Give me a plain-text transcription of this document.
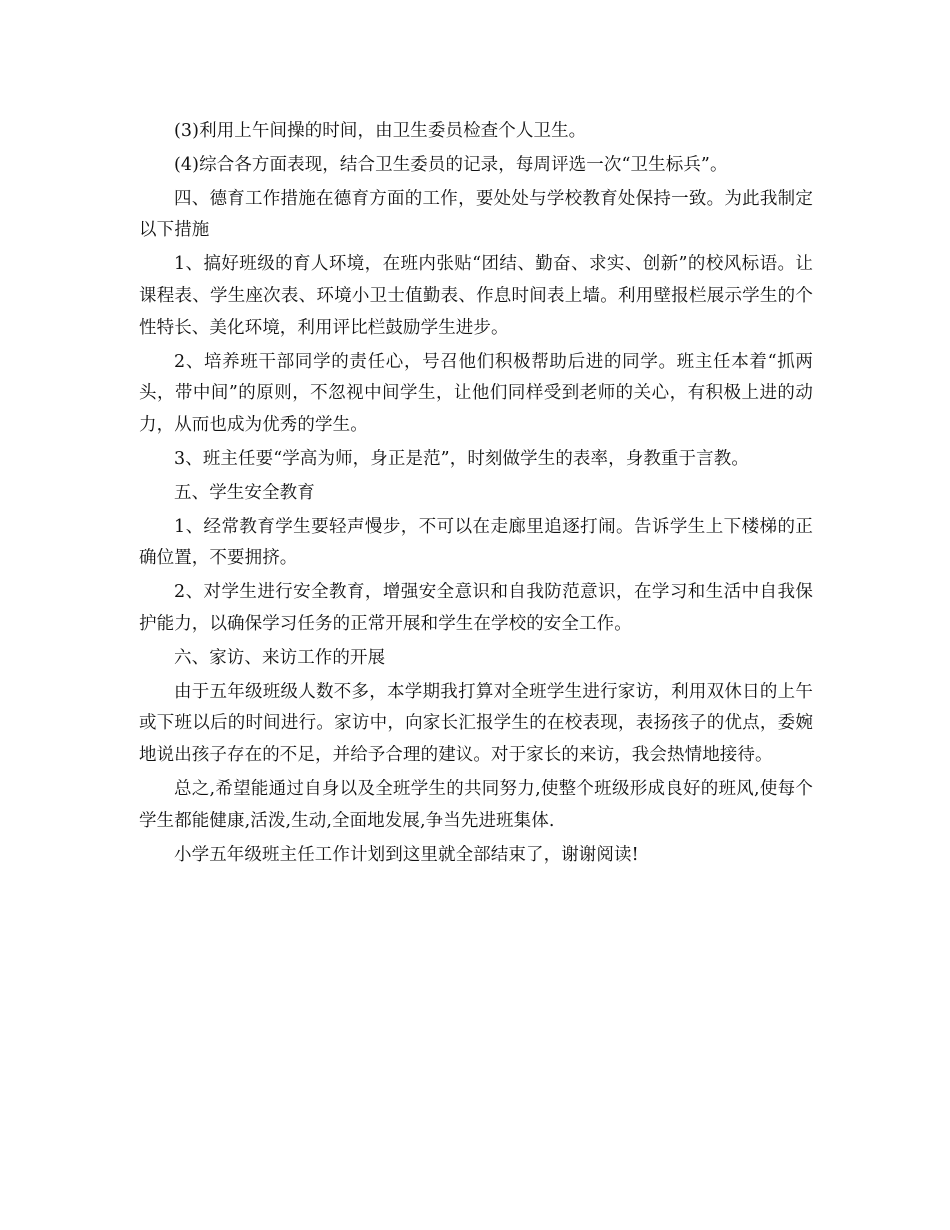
(3)利用上午间操的时间，由卫生委员检查个人卫生。

(4)综合各方面表现，结合卫生委员的记录，每周评选一次“卫生标兵”。

四、德育工作措施在德育方面的工作，要处处与学校教育处保持一致。为此我制定以下措施

1、搞好班级的育人环境，在班内张贴“团结、勤奋、求实、创新”的校风标语。让课程表、学生座次表、环境小卫士值勤表、作息时间表上墙。利用壁报栏展示学生的个性特长、美化环境，利用评比栏鼓励学生进步。

2、培养班干部同学的责任心，号召他们积极帮助后进的同学。班主任本着“抓两头，带中间”的原则，不忽视中间学生，让他们同样受到老师的关心，有积极上进的动力，从而也成为优秀的学生。

3、班主任要“学高为师，身正是范”，时刻做学生的表率，身教重于言教。

五、学生安全教育

1、经常教育学生要轻声慢步，不可以在走廊里追逐打闹。告诉学生上下楼梯的正确位置，不要拥挤。

2、对学生进行安全教育，增强安全意识和自我防范意识，在学习和生活中自我保护能力，以确保学习任务的正常开展和学生在学校的安全工作。

六、家访、来访工作的开展

由于五年级班级人数不多，本学期我打算对全班学生进行家访，利用双休日的上午或下班以后的时间进行。家访中，向家长汇报学生的在校表现，表扬孩子的优点，委婉地说出孩子存在的不足，并给予合理的建议。对于家长的来访，我会热情地接待。

总之,希望能通过自身以及全班学生的共同努力,使整个班级形成良好的班风,使每个学生都能健康,活泼,生动,全面地发展,争当先进班集体.

小学五年级班主任工作计划到这里就全部结束了，谢谢阅读!
